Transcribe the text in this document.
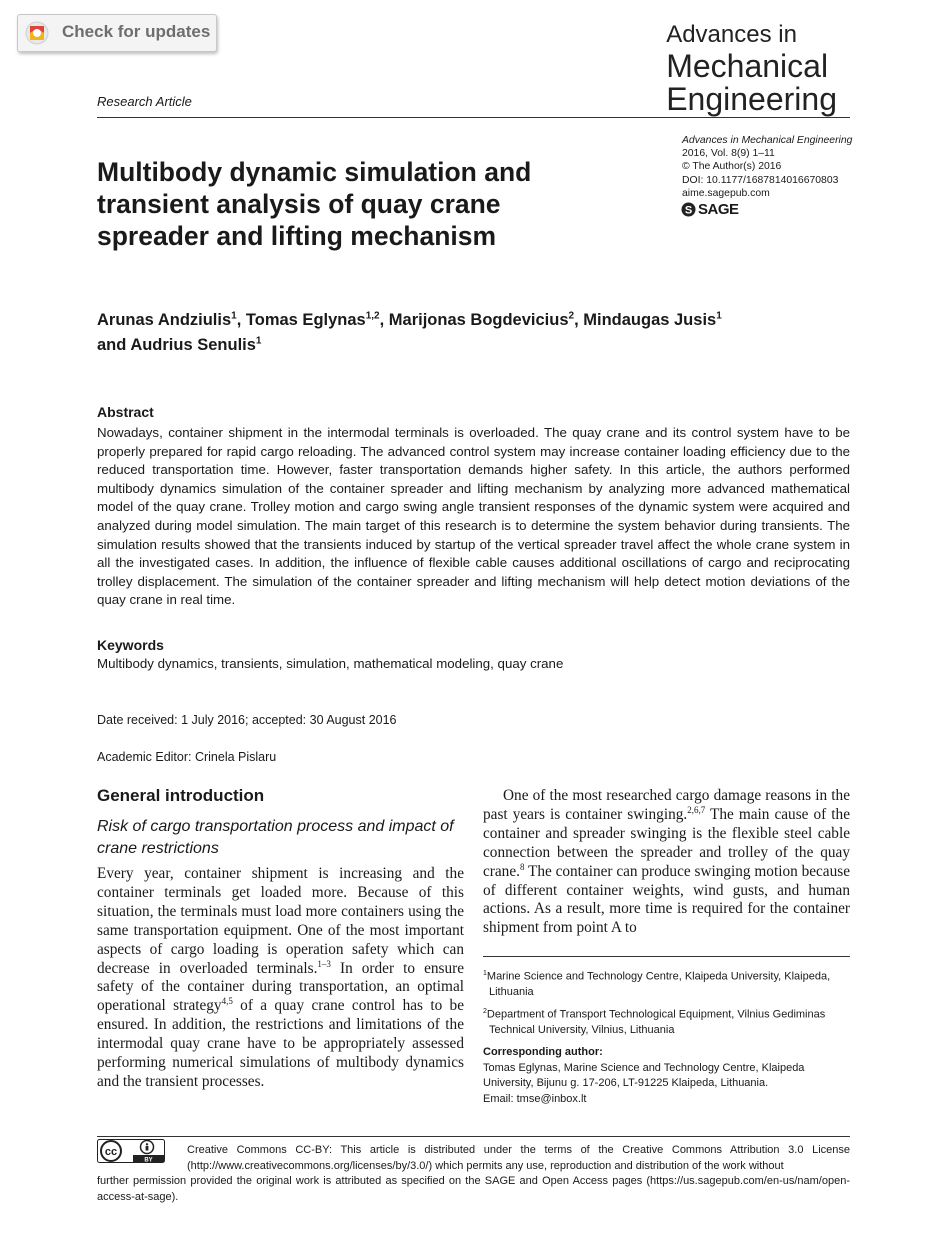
Check for updates	Advances in
Mechanical
Engineering
Research Article
Advances in Mechanical Engineering
2016, Vol. 8(9) 1–11
© The Author(s) 2016
DOI: 10.1177/1687814016670803
aime.sagepub.com
S SAGE
Multibody dynamic simulation and transient analysis of quay crane spreader and lifting mechanism
Arunas Andziulis$^1$, Tomas Eglynas$^{1,2}$, Marijonas Bogdevicius$^2$, Mindaugas Jusis$^1$ and Audrius Senulis$^1$
Abstract
Nowadays, container shipment in the intermodal terminals is overloaded. The quay crane and its control system have to be properly prepared for rapid cargo reloading. The advanced control system may increase container loading efficiency due to the reduced transportation time. However, faster transportation demands higher safety. In this article, the authors performed multibody dynamics simulation of the container spreader and lifting mechanism by analyzing more advanced mathematical model of the quay crane. Trolley motion and cargo swing angle transient responses of the dynamic system were acquired and analyzed during model simulation. The main target of this research is to determine the system behavior during transients. The simulation results showed that the transients induced by startup of the vertical spreader travel affect the whole crane system in all the investigated cases. In addition, the influence of flexible cable causes additional oscillations of cargo and reciprocating trolley displacement. The simulation of the container spreader and lifting mechanism will help detect motion deviations of the quay crane in real time.
Keywords
Multibody dynamics, transients, simulation, mathematical modeling, quay crane
Date received: 1 July 2016; accepted: 30 August 2016
Academic Editor: Crinela Pislaru
General introduction
Risk of cargo transportation process and impact of crane restrictions
Every year, container shipment is increasing and the container terminals get loaded more. Because of this situation, the terminals must load more containers using the same transportation equipment. One of the most important aspects of cargo loading is operation safety which can decrease in overloaded terminals.$^{1-3}$ In order to ensure safety of the container during transportation, an optimal operational strategy$^{4,5}$ of a quay crane control has to be ensured. In addition, the restrictions and limitations of the intermodal quay crane have to be appropriately assessed performing numerical simulations of multibody dynamics and the transient processes.
One of the most researched cargo damage reasons in the past years is container swinging.$^{2,6,7}$ The main cause of the container and spreader swinging is the flexible steel cable connection between the spreader and trolley of the quay crane.$^8$ The container can produce swinging motion because of different container weights, wind gusts, and human actions. As a result, more time is required for the container shipment from point A to
$^1$Marine Science and Technology Centre, Klaipeda University, Klaipeda, Lithuania
$^2$Department of Transport Technological Equipment, Vilnius Gediminas Technical University, Vilnius, Lithuania
Corresponding author:
Tomas Eglynas, Marine Science and Technology Centre, Klaipeda
University, Bijunu g. 17-206, LT-91225 Klaipeda, Lithuania.
Email: tmse@inbox.lt
cc
BY
Creative Commons CC-BY: This article is distributed under the terms of the Creative Commons Attribution 3.0 License (http://www.creativecommons.org/licenses/by/3.0/) which permits any use, reproduction and distribution of the work without
further permission provided the original work is attributed as specified on the SAGE and Open Access pages (https://us.sagepub.com/en-us/nam/open-access-at-sage).
